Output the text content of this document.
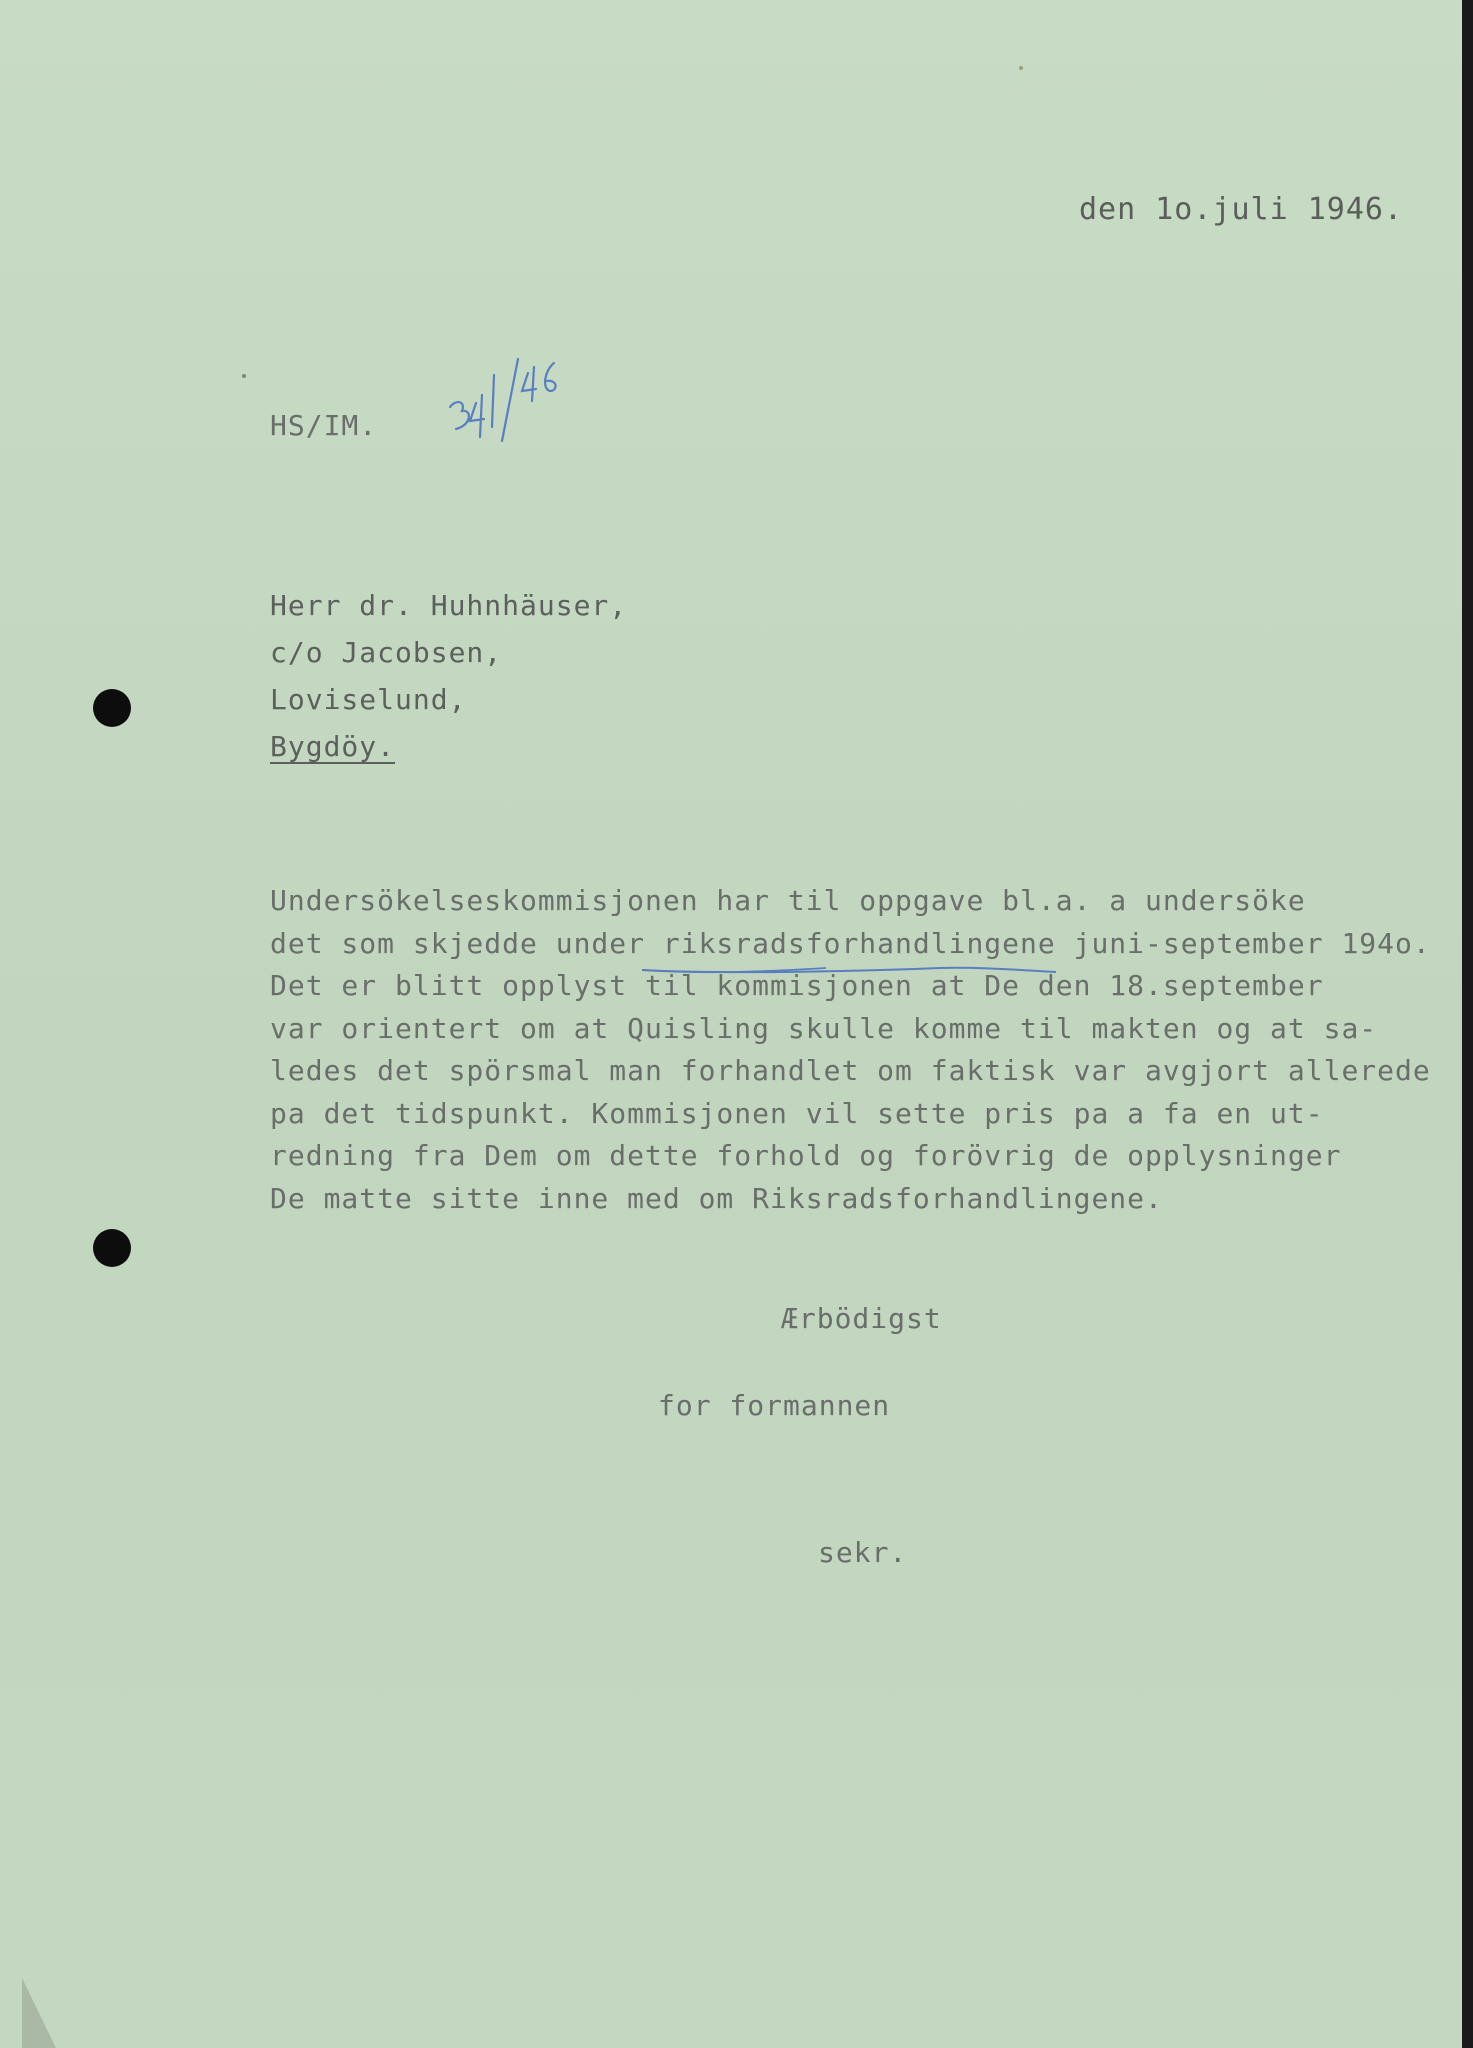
den 1o.juli 1946.
HS/IM.
Herr dr. Huhnhäuser,
c/o Jacobsen,
Loviselund,
Bygdöy.
Undersökelseskommisjonen har til oppgave bl.a. a undersöke
det som skjedde under riksradsforhandlingene juni-september 194o.
Det er blitt opplyst til kommisjonen at De den 18.september
var orientert om at Quisling skulle komme til makten og at sa-
ledes det spörsmal man forhandlet om faktisk var avgjort allerede
pa det tidspunkt. Kommisjonen vil sette pris pa a fa en ut-
redning fra Dem om dette forhold og forövrig de opplysninger
De matte sitte inne med om Riksradsforhandlingene.
Ærbödigst
for formannen
sekr.
